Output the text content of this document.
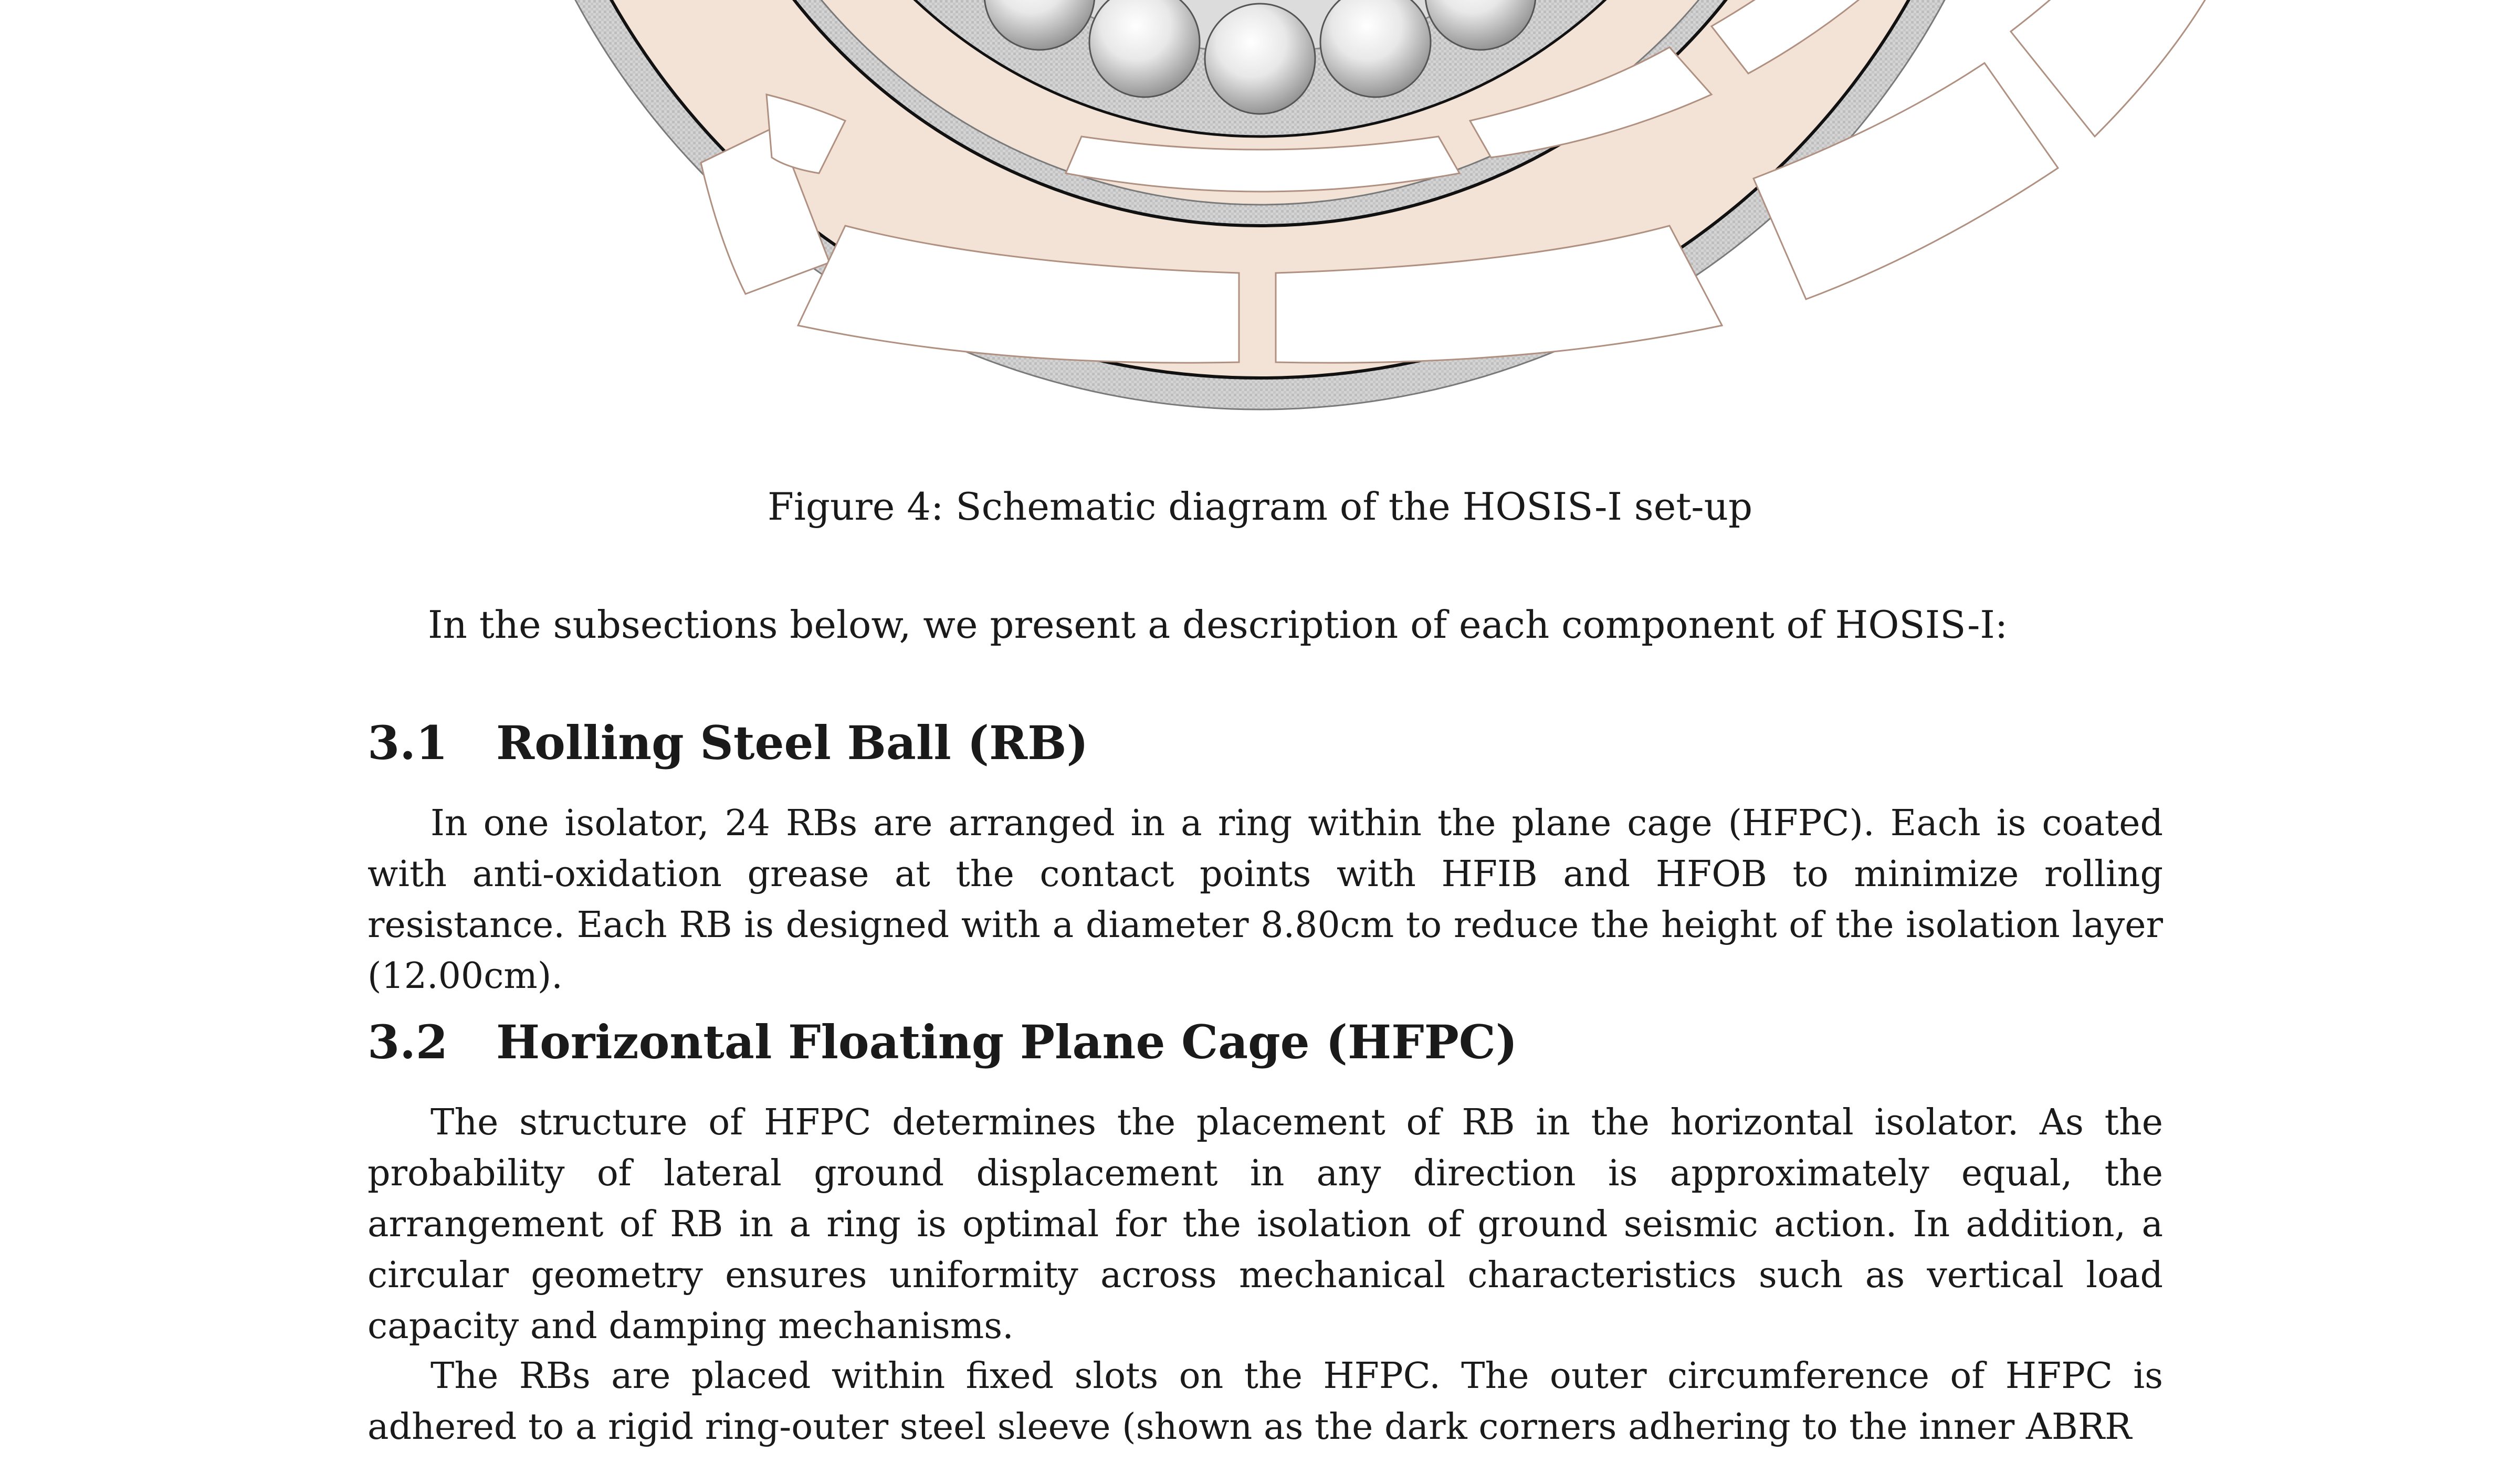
Figure 4: Schematic diagram of the HOSIS-I set-up
In the subsections below, we present a description of each component of HOSIS-I:
3.1 Rolling Steel Ball (RB)

In one isolator, 24 RBs are arranged in a ring within the plane cage (HFPC). Each is coated with anti-oxidation grease at the contact points with HFIB and HFOB to minimize rolling resistance. Each RB is designed with a diameter 8.80cm to reduce the height of the isolation layer (12.00cm).

3.2 Horizontal Floating Plane Cage (HFPC)

The structure of HFPC determines the placement of RB in the horizontal isolator. As the probability of lateral ground displacement in any direction is approximately equal, the arrangement of RB in a ring is optimal for the isolation of ground seismic action. In addition, a circular geometry ensures uniformity across mechanical characteristics such as vertical load capacity and damping mechanisms.

The RBs are placed within fixed slots on the HFPC. The outer circumference of HFPC is adhered to a rigid ring-outer steel sleeve (shown as the dark corners adhering to the inner ABRR
